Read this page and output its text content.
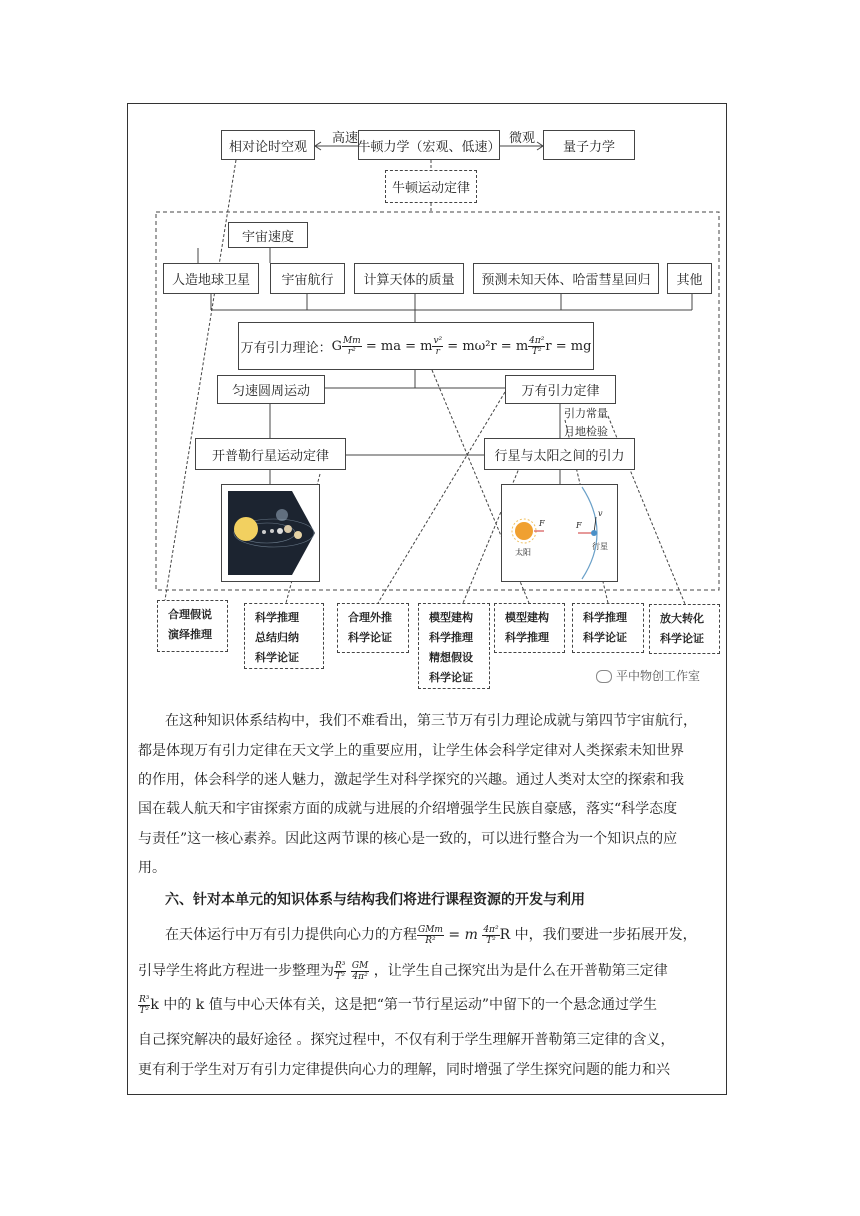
相对论时空观
高速
牛顿力学（宏观、低速）
微观
量子力学
牛顿运动定律
宇宙速度
人造地球卫星	宇宙航行	计算天体的质量	预测未知天体、哈雷彗星回归	其他
万有引力理论： G $\frac{Mm}{\text{r²}}$ = ma = m $\frac{\text{v²}}{r} = m\omega^2r = m \frac{\text{4π²}}{\text{T²}}$ r = mg
匀速圆周运动	万有引力定律
引力常量
月地检验
开普勒行星运动定律	行星与太阳之间的引力
太阳
行星
F	F
v
合理假说
演绎推理
科学推理
总结归纳
科学论证
合理外推
科学论证
模型建构
科学推理
精想假设
科学论证
模型建构
科学推理
科学推理
科学论证
放大转化
科学论证
平中物创工作室
在这种知识体系结构中，我们不难看出，第三节万有引力理论成就与第四节宇宙航行，
都是体现万有引力定律在天文学上的重要应用，让学生体会科学定律对人类探索未知世界
的作用，体会科学的迷人魅力，激起学生对科学探究的兴趣。通过人类对太空的探索和我
国在载人航天和宇宙探索方面的成就与进展的介绍增强学生民族自豪感，落实“科学态度
与责任”这一核心素养。因此这两节课的核心是一致的，可以进行整合为一个知识点的应
用。
六、针对本单元的知识体系与结构我们将进行课程资源的开发与利用
在天体运行中万有引力提供向心力的方程 $\frac{\text{GMm}}{\text{R²}} = m \frac{\text{4π²}}{\text{T²}}$ R 中，我们要进一步拓展开发，
引导学生将此方程进一步整理为 $\frac{\text{R³}}{\text{T²}}$
$\frac{GM}{\text{4π²}}$ ，让学生自己探究出为是什么在开普勒第三定律
$\frac{\text{R³}}{\text{T²}}$ k 中的 k 值与中心天体有关，这是把“第一节行星运动”中留下的一个悬念通过学生
自己探究解决的最好途径 。探究过程中，不仅有利于学生理解开普勒第三定律的含义，
更有利于学生对万有引力定律提供向心力的理解，同时增强了学生探究问题的能力和兴
